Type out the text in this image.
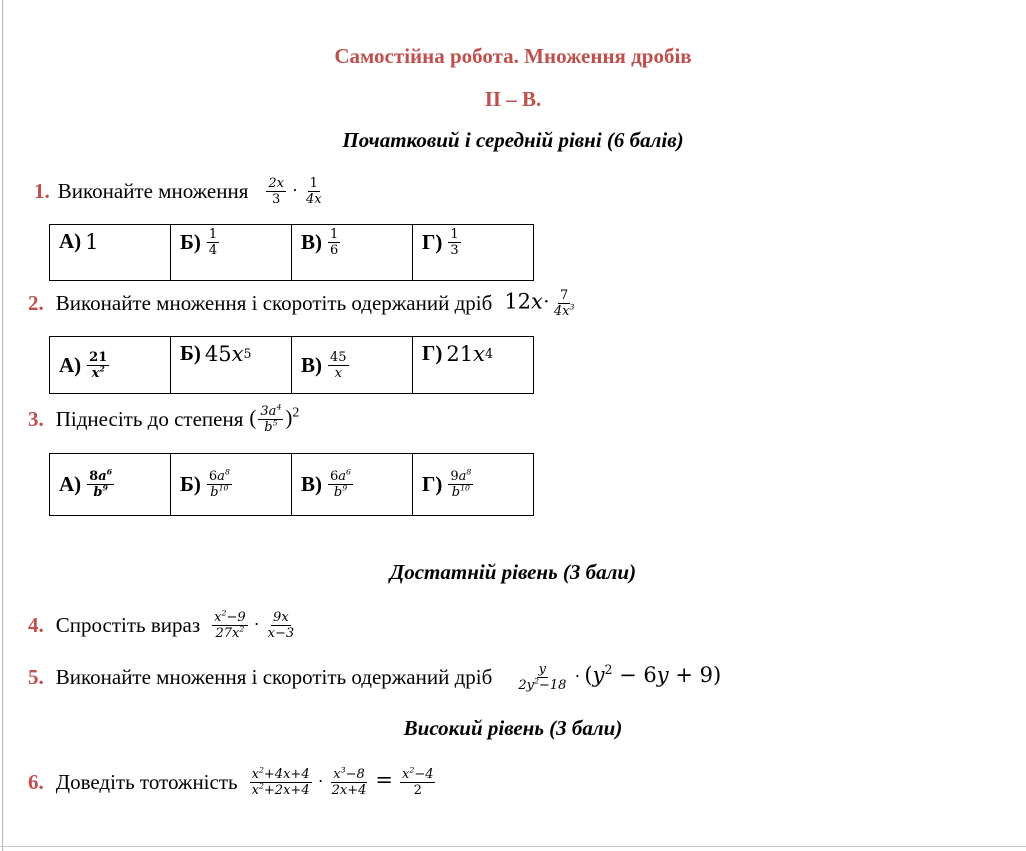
Самостійна робота. Множення дробів
II – В.
Початковий і середній рівні (6 балів)
1. Виконайте множення $\frac{2x}{3} \cdot \frac{1}{4x}$
А) 1	$Б) \frac{1}{4}$	$В) \frac{1}{6}$	$Г) \frac{1}{3}$
2. Виконайте множення і скоротіть одержаний дріб $12x\cdot \frac{7}{4x^3}$
$А) \frac{21}{x^2}$	Б) 45 x 5	$В) \frac{45}{x}$	Г) 21 x 4
3. Піднесіть до степеня ( $\frac{3a^4}{b^5} )^2$
$А) \frac{8a^6}{b^9}$	$Б) \frac{6a^8}{b^{10}}$	$В) \frac{6a^6}{b^9}$	$Г) \frac{9a^8}{b^{10}}$
Достатній рівень (3 бали)
4. Спростіть вираз $\frac{x^2-9}{27x^2} \cdot \frac{9x}{x-3}$
5. Виконайте множення і скоротіть одержаний дріб $\frac{y}{2y^2-18} \cdot (y^2 - 6y + 9)$
Високий рівень (3 бали)
6. Доведіть тотожність $\frac{x^2+4x+4}{x^2+2x+4} \cdot \frac{x^3-8}{2x+4} = \frac{x^2-4}{2}$
